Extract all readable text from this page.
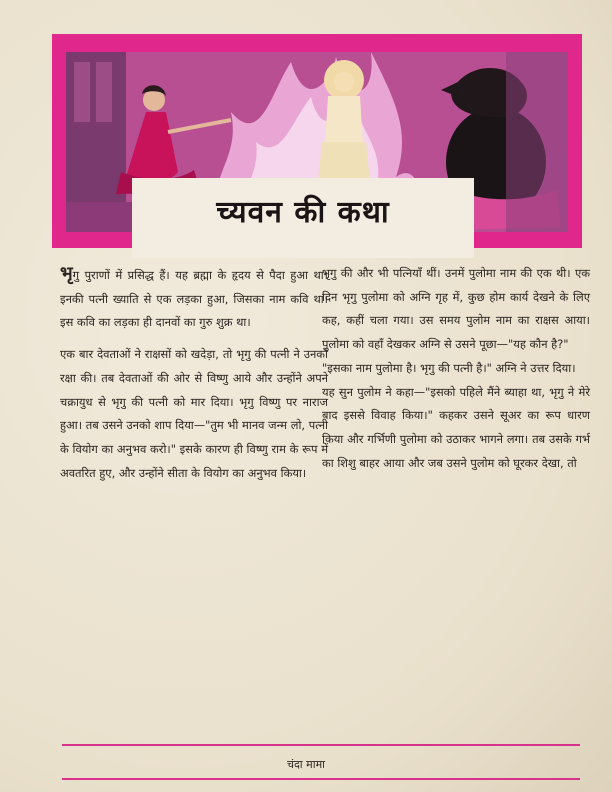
च्यवन की कथा

भृगु पुराणों में प्रसिद्ध हैं। यह ब्रह्मा के हृदय से पैदा हुआ था। इनकी पत्नी ख्याति से एक लड़का हुआ, जिसका नाम कवि था। इस कवि का लड़का ही दानवों का गुरु शुक्र था।

एक बार देवताओं ने राक्षसों को खदेड़ा, तो भृगु की पत्नी ने उनको रक्षा की। तब देवताओं की ओर से विष्णु आये और उन्होंने अपने चक्रायुध से भृगु की पत्नी को मार दिया। भृगु विष्णु पर नाराज हुआ। तब उसने उनको शाप दिया—"तुम भी मानव जन्म लो, पत्नी के वियोग का अनुभव करो।" इसके कारण ही विष्णु राम के रूप में अवतरित हुए, और उन्होंने सीता के वियोग का अनुभव किया।

भृगु की और भी पत्नियाँ थीं। उनमें पुलोमा नाम की एक थी। एक दिन भृगु पुलोमा को अग्नि गृह में, कुछ होम कार्य देखने के लिए कह, कहीं चला गया। उस समय पुलोम नाम का राक्षस आया। पुलोमा को वहाँ देखकर अग्नि से उसने पूछा—"यह कौन है?"

"इसका नाम पुलोमा है। भृगु की पत्नी है।" अग्नि ने उत्तर दिया।

यह सुन पुलोम ने कहा—"इसको पहिले मैंने ब्याहा था, भृगु ने मेरे बाद इससे विवाह किया।" कहकर उसने सूअर का रूप धारण किया और गर्भिणी पुलोमा को उठाकर भागने लगा। तब उसके गर्भ का शिशु बाहर आया और जब उसने पुलोम को घूरकर देखा, तो

चंदा मामा
